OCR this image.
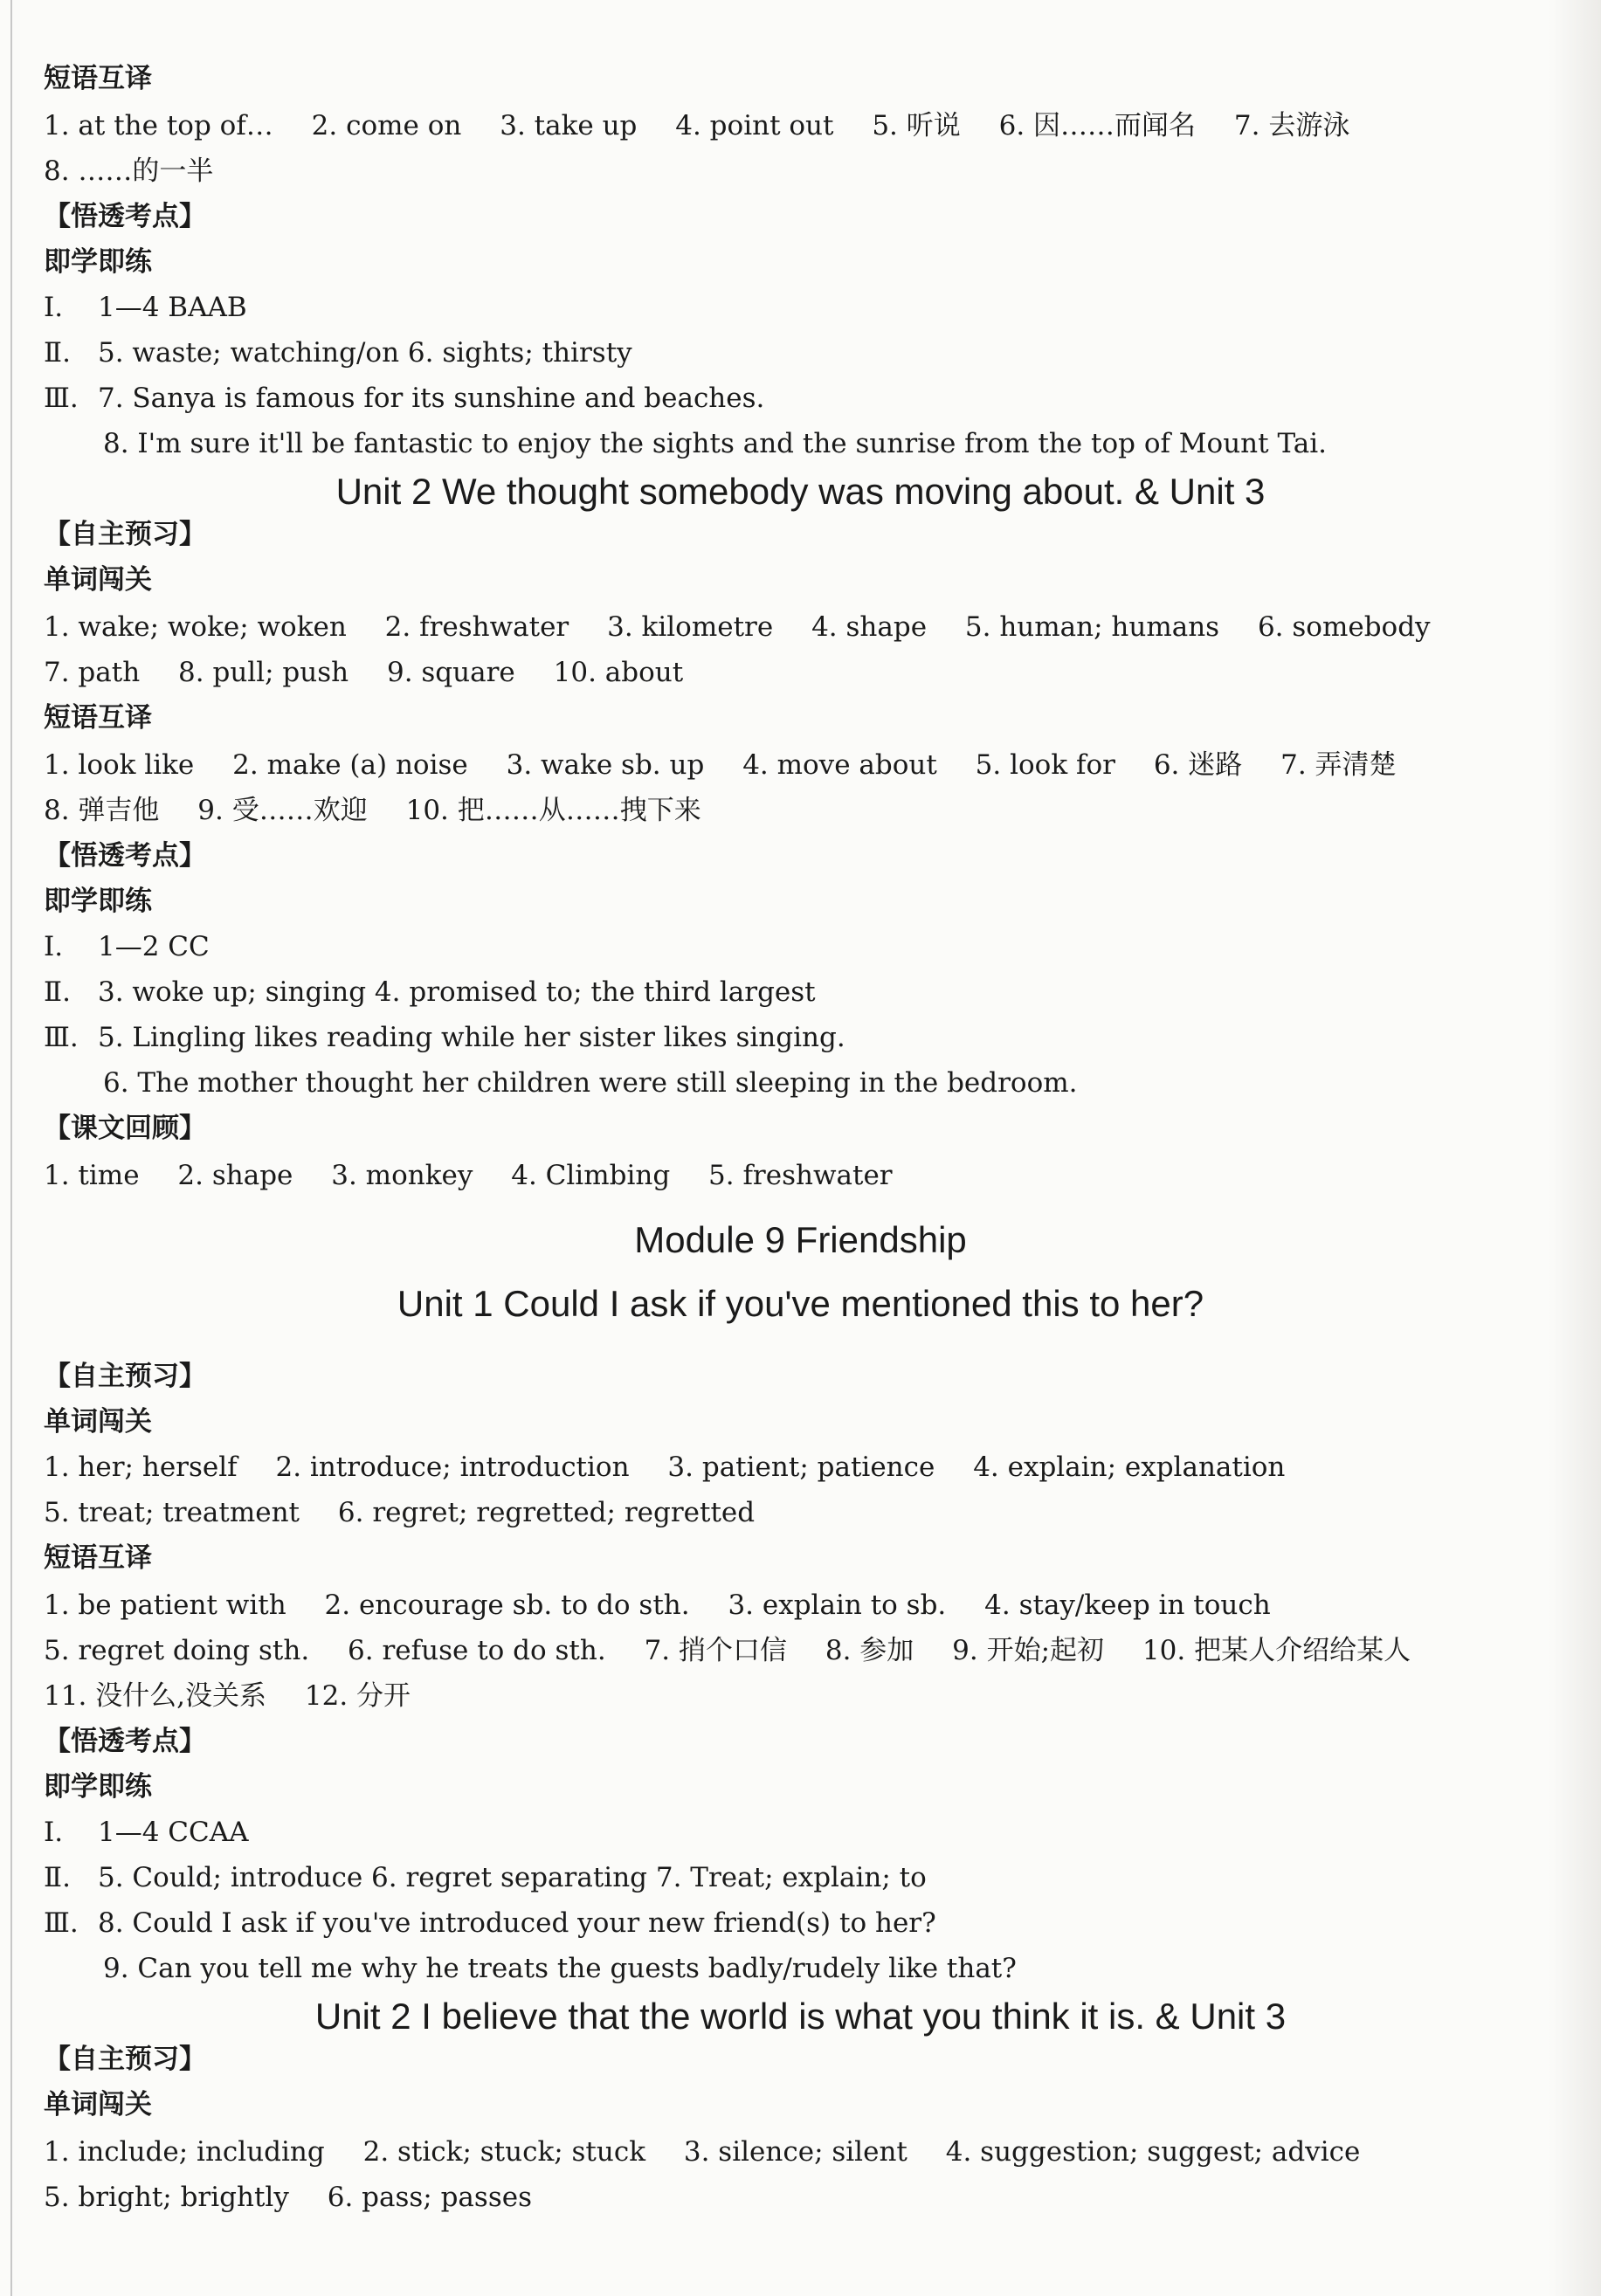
短语互译
1. at the top of… 2. come on 3. take up 4. point out 5. 听说 6. 因……而闻名 7. 去游泳
8. ……的一半
【悟透考点】
即学即练
Ⅰ. 1—4 BAAB
Ⅱ. 5. waste; watching/on 6. sights; thirsty
Ⅲ. 7. Sanya is famous for its sunshine and beaches.
8. I'm sure it'll be fantastic to enjoy the sights and the sunrise from the top of Mount Tai.
Unit 2 We thought somebody was moving about. & Unit 3
【自主预习】
单词闯关
1. wake; woke; woken 2. freshwater 3. kilometre 4. shape 5. human; humans 6. somebody
7. path 8. pull; push 9. square 10. about
短语互译
1. look like 2. make (a) noise 3. wake sb. up 4. move about 5. look for 6. 迷路 7. 弄清楚
8. 弹吉他 9. 受……欢迎 10. 把……从……拽下来
【悟透考点】
即学即练
Ⅰ. 1—2 CC
Ⅱ. 3. woke up; singing 4. promised to; the third largest
Ⅲ. 5. Lingling likes reading while her sister likes singing.
6. The mother thought her children were still sleeping in the bedroom.
【课文回顾】
1. time 2. shape 3. monkey 4. Climbing 5. freshwater
Module 9 Friendship
Unit 1 Could I ask if you've mentioned this to her?
【自主预习】
单词闯关
1. her; herself 2. introduce; introduction 3. patient; patience 4. explain; explanation
5. treat; treatment 6. regret; regretted; regretted
短语互译
1. be patient with 2. encourage sb. to do sth. 3. explain to sb. 4. stay/keep in touch
5. regret doing sth. 6. refuse to do sth. 7. 捎个口信 8. 参加 9. 开始;起初 10. 把某人介绍给某人
11. 没什么,没关系 12. 分开
【悟透考点】
即学即练
Ⅰ. 1—4 CCAA
Ⅱ. 5. Could; introduce 6. regret separating 7. Treat; explain; to
Ⅲ. 8. Could I ask if you've introduced your new friend(s) to her?
9. Can you tell me why he treats the guests badly/rudely like that?
Unit 2 I believe that the world is what you think it is. & Unit 3
【自主预习】
单词闯关
1. include; including 2. stick; stuck; stuck 3. silence; silent 4. suggestion; suggest; advice
5. bright; brightly 6. pass; passes
